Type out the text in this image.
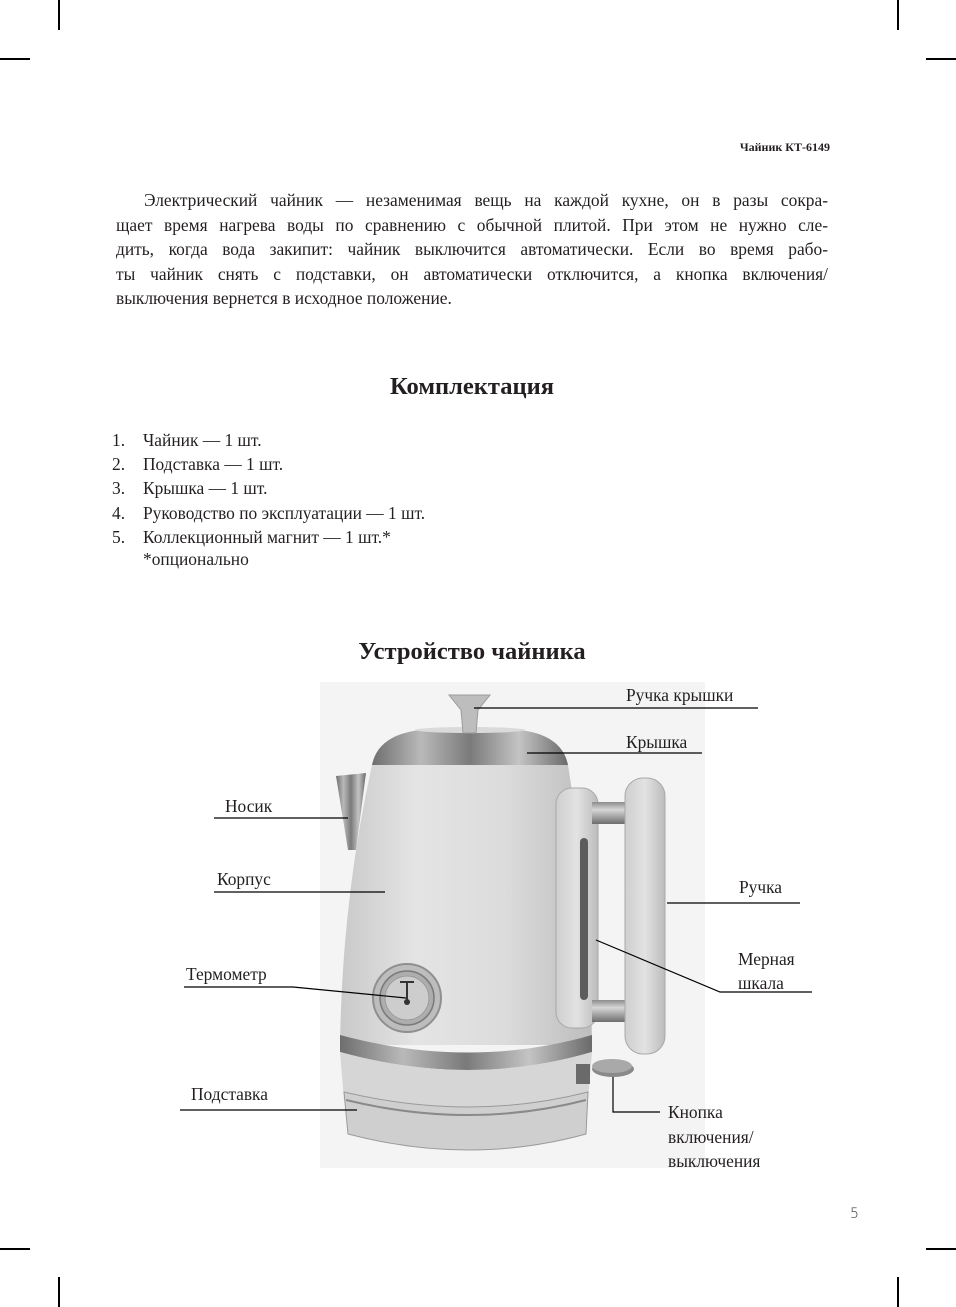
Чайник КТ-6149
Электрический чайник — незаменимая вещь на каждой кухне, он в разы сокра-
щает время нагрева воды по сравнению с обычной плитой. При этом не нужно сле-
дить, когда вода закипит: чайник выключится автоматически. Если во время рабо-
ты чайник снять с подставки, он автоматически отключится, а кнопка включения/
выключения вернется в исходное положение.
Комплектация
1.	Чайник — 1 шт.
2.	Подставка — 1 шт.
3.	Крышка — 1 шт.
4.	Руководство по эксплуатации — 1 шт.
5.	Коллекционный магнит — 1 шт.*
*опционально
Устройство чайника
Ручка крышки
Крышка
Носик
Корпус	Ручка
Мерная
шкала
Термометр
Подставка
Кнопка
включения/
выключения
5
